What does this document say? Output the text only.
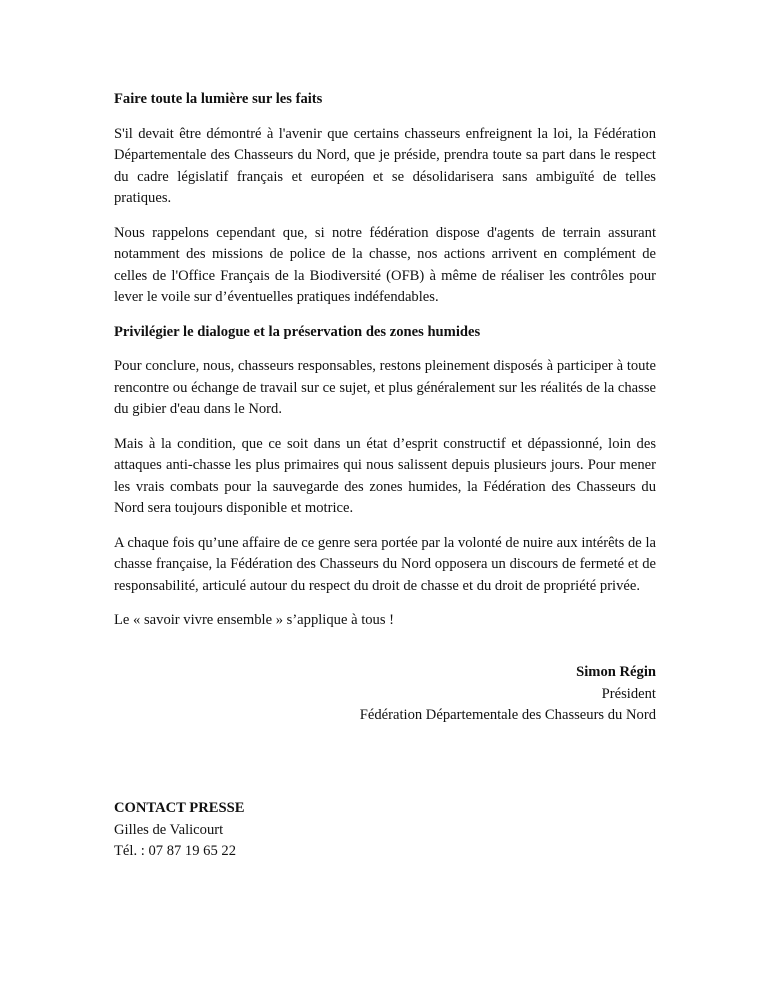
Faire toute la lumière sur les faits

S'il devait être démontré à l'avenir que certains chasseurs enfreignent la loi, la Fédération Départementale des Chasseurs du Nord, que je préside, prendra toute sa part dans le respect du cadre législatif français et européen et se désolidarisera sans ambiguïté de telles pratiques.

Nous rappelons cependant que, si notre fédération dispose d'agents de terrain assurant notamment des missions de police de la chasse, nos actions arrivent en complément de celles de l'Office Français de la Biodiversité (OFB) à même de réaliser les contrôles pour lever le voile sur d’éventuelles pratiques indéfendables.

Privilégier le dialogue et la préservation des zones humides

Pour conclure, nous, chasseurs responsables, restons pleinement disposés à participer à toute rencontre ou échange de travail sur ce sujet, et plus généralement sur les réalités de la chasse du gibier d'eau dans le Nord.

Mais à la condition, que ce soit dans un état d’esprit constructif et dépassionné, loin des attaques anti-chasse les plus primaires qui nous salissent depuis plusieurs jours. Pour mener les vrais combats pour la sauvegarde des zones humides, la Fédération des Chasseurs du Nord sera toujours disponible et motrice.

A chaque fois qu’une affaire de ce genre sera portée par la volonté de nuire aux intérêts de la chasse française, la Fédération des Chasseurs du Nord opposera un discours de fermeté et de responsabilité, articulé autour du respect du droit de chasse et du droit de propriété privée.

Le « savoir vivre ensemble » s’applique à tous !

Simon Régin
Président
Fédération Départementale des Chasseurs du Nord
CONTACT PRESSE
Gilles de Valicourt
Tél. : 07 87 19 65 22
